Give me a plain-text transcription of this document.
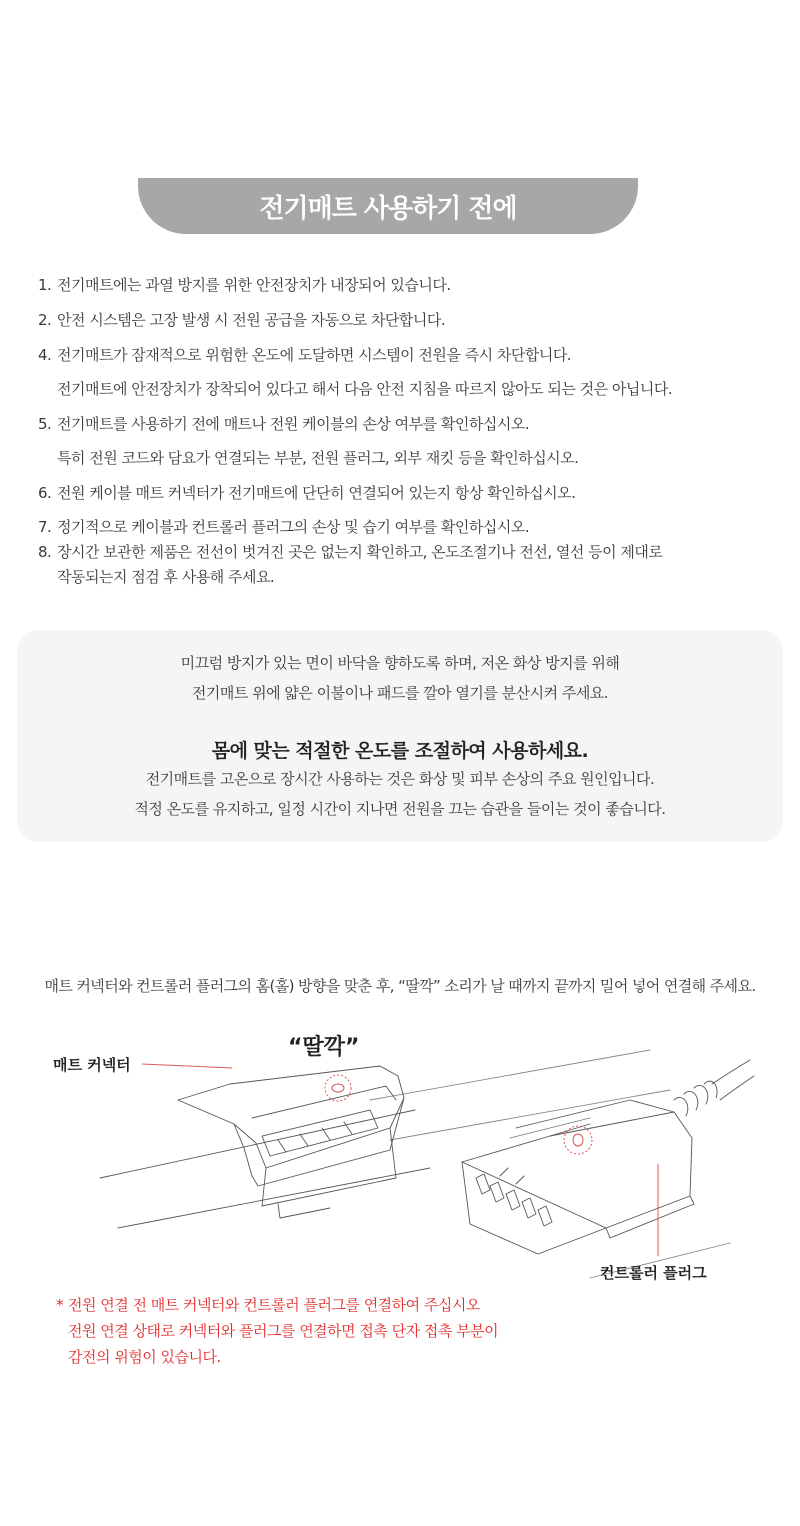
전기매트 사용하기 전에
1. 전기매트에는 과열 방지를 위한 안전장치가 내장되어 있습니다.
2. 안전 시스템은 고장 발생 시 전원 공급을 자동으로 차단합니다.
4. 전기매트가 잠재적으로 위험한 온도에 도달하면 시스템이 전원을 즉시 차단합니다.
전기매트에 안전장치가 장착되어 있다고 해서 다음 안전 지침을 따르지 않아도 되는 것은 아닙니다.
5. 전기매트를 사용하기 전에 매트나 전원 케이블의 손상 여부를 확인하십시오.
특히 전원 코드와 담요가 연결되는 부분, 전원 플러그, 외부 재킷 등을 확인하십시오.
6. 전원 케이블 매트 커넥터가 전기매트에 단단히 연결되어 있는지 항상 확인하십시오.
7. 정기적으로 케이블과 컨트롤러 플러그의 손상 및 습기 여부를 확인하십시오.
8. 장시간 보관한 제품은 전선이 벗겨진 곳은 없는지 확인하고, 온도조절기나 전선, 열선 등이 제대로
작동되는지 점검 후 사용해 주세요.
미끄럼 방지가 있는 면이 바닥을 향하도록 하며, 저온 화상 방지를 위해
전기매트 위에 얇은 이불이나 패드를 깔아 열기를 분산시켜 주세요.
몸에 맞는 적절한 온도를 조절하여 사용하세요.
전기매트를 고온으로 장시간 사용하는 것은 화상 및 피부 손상의 주요 원인입니다.
적정 온도를 유지하고, 일정 시간이 지나면 전원을 끄는 습관을 들이는 것이 좋습니다.
매트 커넥터와 컨트롤러 플러그의 홈(홀) 방향을 맞춘 후, “딸깍” 소리가 날 때까지 끝까지 밀어 넣어 연결해 주세요.
“딸깍”
매트 커넥터
컨트롤러 플러그
* 전원 연결 전 매트 커넥터와 컨트롤러 플러그를 연결하여 주십시오
전원 연결 상태로 커넥터와 플러그를 연결하면 접촉 단자 접촉 부분이
감전의 위험이 있습니다.
